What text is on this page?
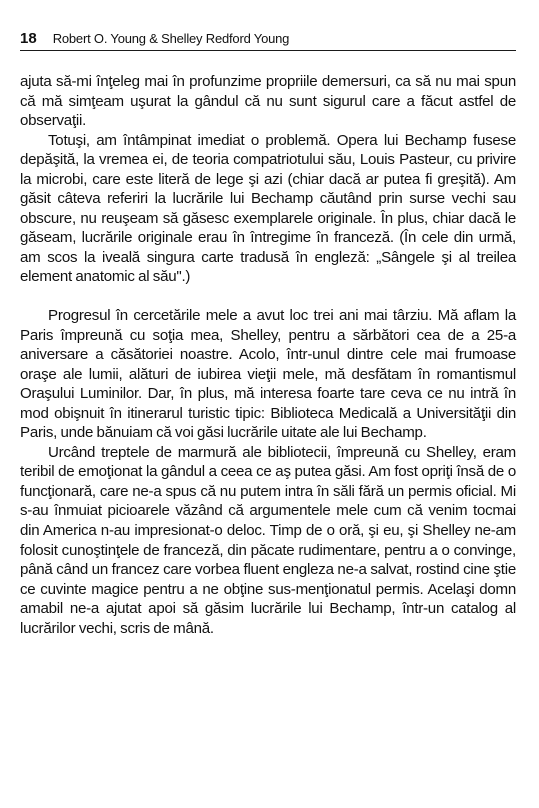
18 Robert O. Young & Shelley Redford Young

ajuta să-mi înţeleg mai în profunzime propriile demersuri, ca să nu mai spun că mă simţeam uşurat la gândul că nu sunt sigurul care a făcut astfel de observaţii.

Totuşi, am întâmpinat imediat o problemă. Opera lui Bechamp fusese depăşită, la vremea ei, de teoria compatriotului său, Louis Pasteur, cu privire la microbi, care este literă de lege şi azi (chiar dacă ar putea fi greşită). Am găsit câteva referiri la lucrările lui Bechamp căutând prin surse vechi sau obscure, nu reuşeam să găsesc exemplarele originale. În plus, chiar dacă le găseam, lucrările originale erau în întregime în franceză. (În cele din urmă, am scos la iveală singura carte tradusă în engleză: „Sângele şi al treilea element anatomic al său".)

Progresul în cercetările mele a avut loc trei ani mai târziu. Mă aflam la Paris împreună cu soţia mea, Shelley, pentru a sărbători cea de a 25-a aniversare a căsătoriei noastre. Acolo, într-unul dintre cele mai frumoase oraşe ale lumii, alături de iubirea vieţii mele, mă desfătam în romantismul Oraşului Luminilor. Dar, în plus, mă interesa foarte tare ceva ce nu intră în mod obişnuit în itinerarul turistic tipic: Biblioteca Medicală a Universităţii din Paris, unde bănuiam că voi găsi lucrările uitate ale lui Bechamp.

Urcând treptele de marmură ale bibliotecii, împreună cu Shelley, eram teribil de emoţionat la gândul a ceea ce aş putea găsi. Am fost opriţi însă de o funcţionară, care ne-a spus că nu putem intra în săli fără un permis oficial. Mi s-au înmuiat picioarele văzând că argumentele mele cum că venim tocmai din America n-au impresionat-o deloc. Timp de o oră, şi eu, şi Shelley ne-am folosit cunoştinţele de franceză, din păcate rudimentare, pentru a o convinge, până când un francez care vorbea fluent engleza ne-a salvat, rostind cine ştie ce cuvinte magice pentru a ne obţine sus-menţionatul permis. Acelaşi domn amabil ne-a ajutat apoi să găsim lucrările lui Bechamp, într-un catalog al lucrărilor vechi, scris de mână.
